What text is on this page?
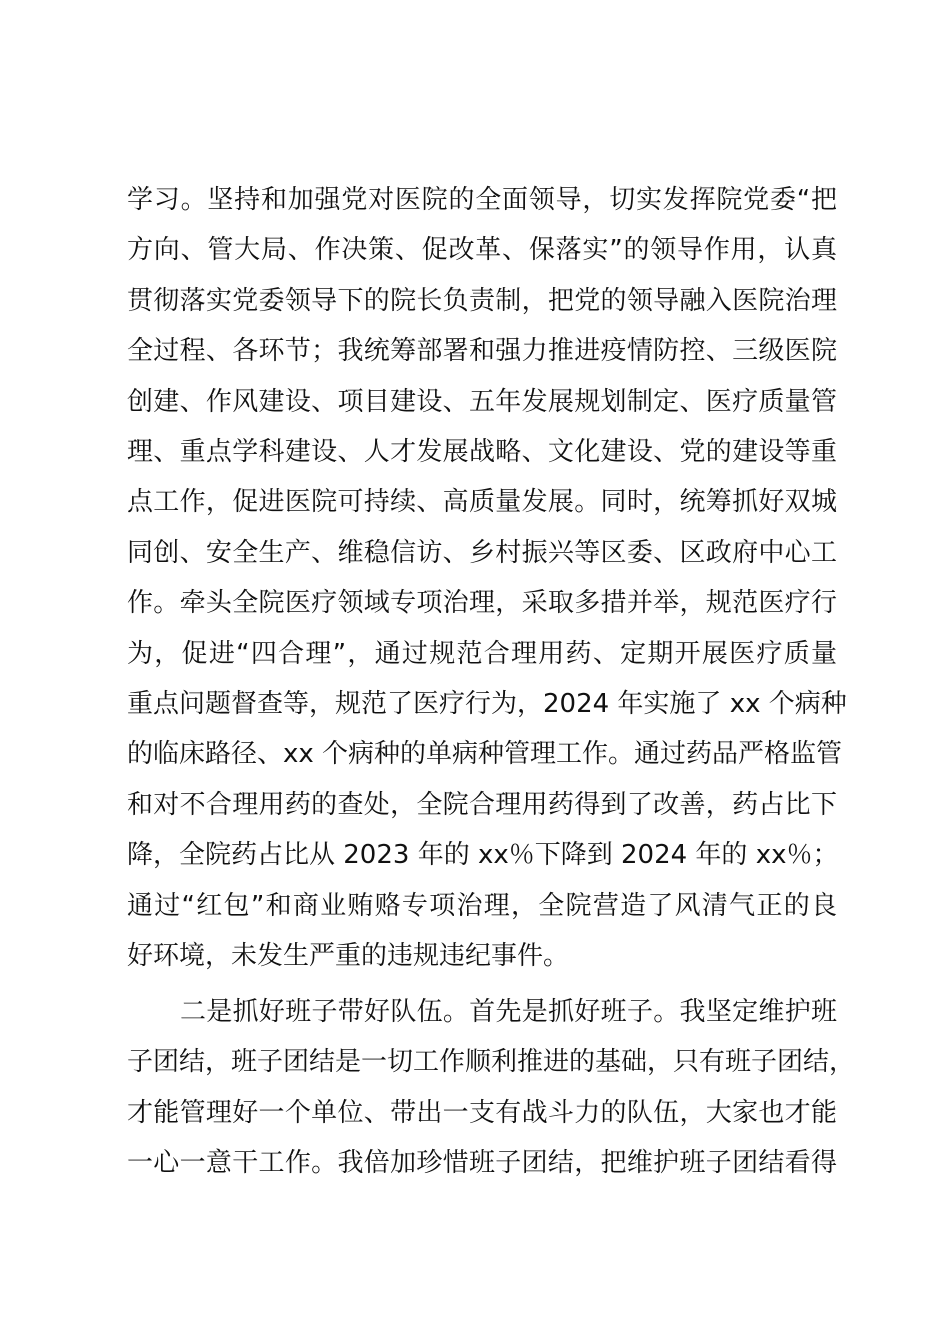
学习。坚持和加强党对医院的全面领导，切实发挥院党委“把
方向、管大局、作决策、促改革、保落实”的领导作用，认真
贯彻落实党委领导下的院长负责制，把党的领导融入医院治理
全过程、各环节；我统筹部署和强力推进疫情防控、三级医院
创建、作风建设、项目建设、五年发展规划制定、医疗质量管
理、重点学科建设、人才发展战略、文化建设、党的建设等重
点工作，促进医院可持续、高质量发展。同时，统筹抓好双城
同创、安全生产、维稳信访、乡村振兴等区委、区政府中心工
作。牵头全院医疗领域专项治理，采取多措并举，规范医疗行
为，促进“四合理”，通过规范合理用药、定期开展医疗质量
重点问题督查等，规范了医疗行为，2024 年实施了 xx 个病种
的临床路径、xx 个病种的单病种管理工作。通过药品严格监管
和对不合理用药的查处，全院合理用药得到了改善，药占比下
降，全院药占比从 2023 年的 xx％下降到 2024 年的 xx％；
通过“红包”和商业贿赂专项治理，全院营造了风清气正的良
好环境，未发生严重的违规违纪事件。
二是抓好班子带好队伍。首先是抓好班子。我坚定维护班
子团结，班子团结是一切工作顺利推进的基础，只有班子团结，
才能管理好一个单位、带出一支有战斗力的队伍，大家也才能
一心一意干工作。我倍加珍惜班子团结，把维护班子团结看得
